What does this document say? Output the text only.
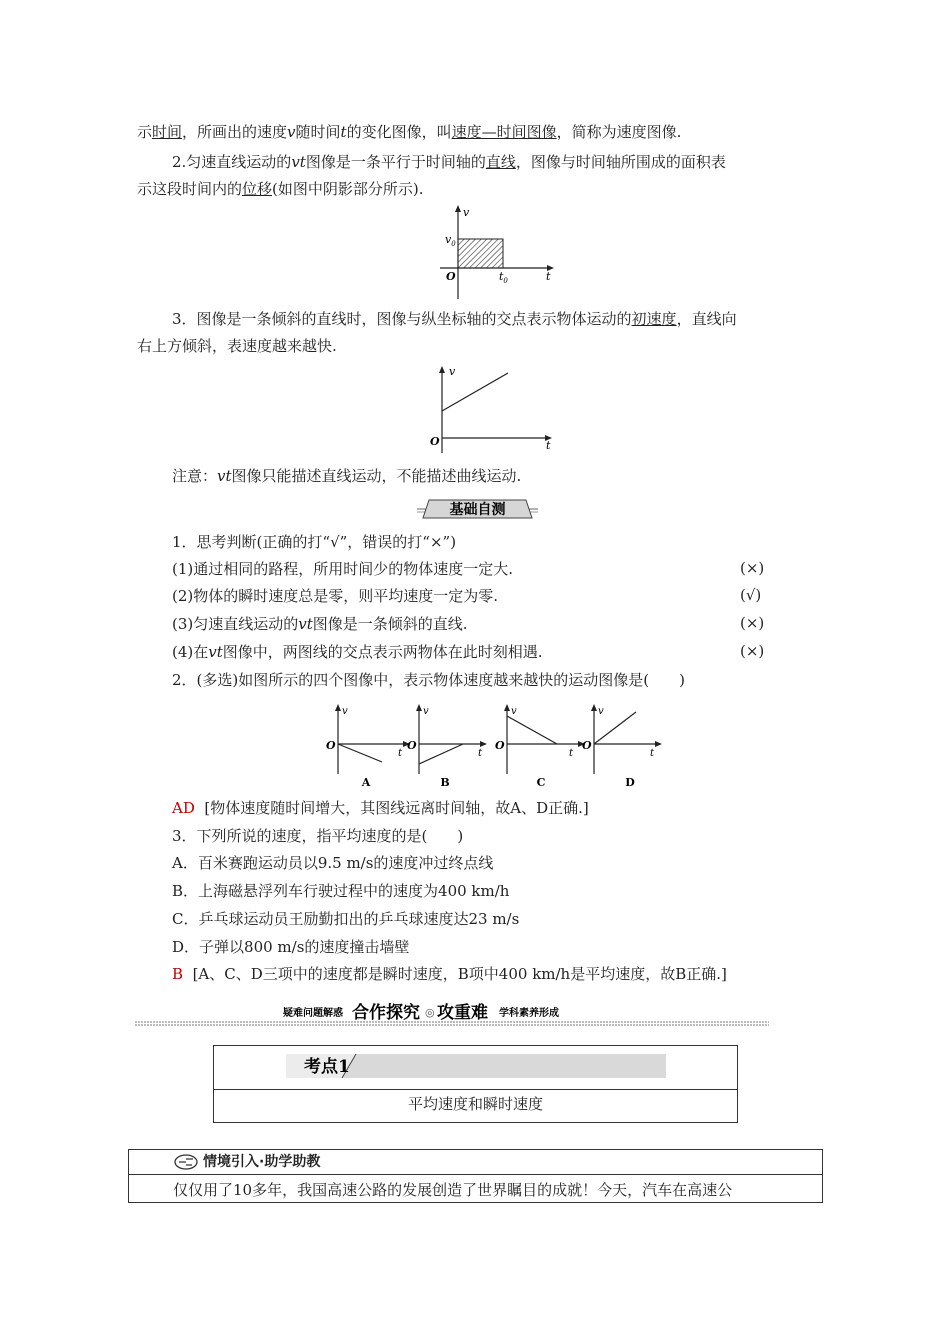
示时间，所画出的速度v随时间t的变化图像，叫速度—时间图像，简称为速度图像.
2.匀速直线运动的vt图像是一条平行于时间轴的直线，图像与时间轴所围成的面积表
示这段时间内的位移(如图中阴影部分所示).
v
$v_0$
O	$t_0$	t
3．图像是一条倾斜的直线时，图像与纵坐标轴的交点表示物体运动的初速度，直线向
右上方倾斜，表速度越来越快.
v
O	t
注意：vt图像只能描述直线运动，不能描述曲线运动.
基础自测
1．思考判断(正确的打“√”，错误的打“×”)
(1)通过相同的路程，所用时间少的物体速度一定大.	(×)
(2)物体的瞬时速度总是零，则平均速度一定为零.	(√)
(3)匀速直线运动的vt图像是一条倾斜的直线.	(×)
(4)在vt图像中，两图线的交点表示两物体在此时刻相遇.	(×)
2．(多选)如图所示的四个图像中，表示物体速度越来越快的运动图像是(　　)
v
O
t
A
v
O
t
B
v
O
t
C
v
O
t
D
AD [物体速度随时间增大，其图线远离时间轴，故A、D正确.]
3．下列所说的速度，指平均速度的是(　　)
A．百米赛跑运动员以9.5 m/s的速度冲过终点线
B．上海磁悬浮列车行驶过程中的速度为400 km/h
C．乒乓球运动员王励勤扣出的乒乓球速度达23 m/s
D．子弹以800 m/s的速度撞击墙壁
B [A、C、D三项中的速度都是瞬时速度，B项中400 km/h是平均速度，故B正确.]
疑难问题解惑 合作探究 ◎ 攻重难 学科素养形成
考点1
平均速度和瞬时速度
情境引入·助学助教
仅仅用了10多年，我国高速公路的发展创造了世界瞩目的成就！今天，汽车在高速公
